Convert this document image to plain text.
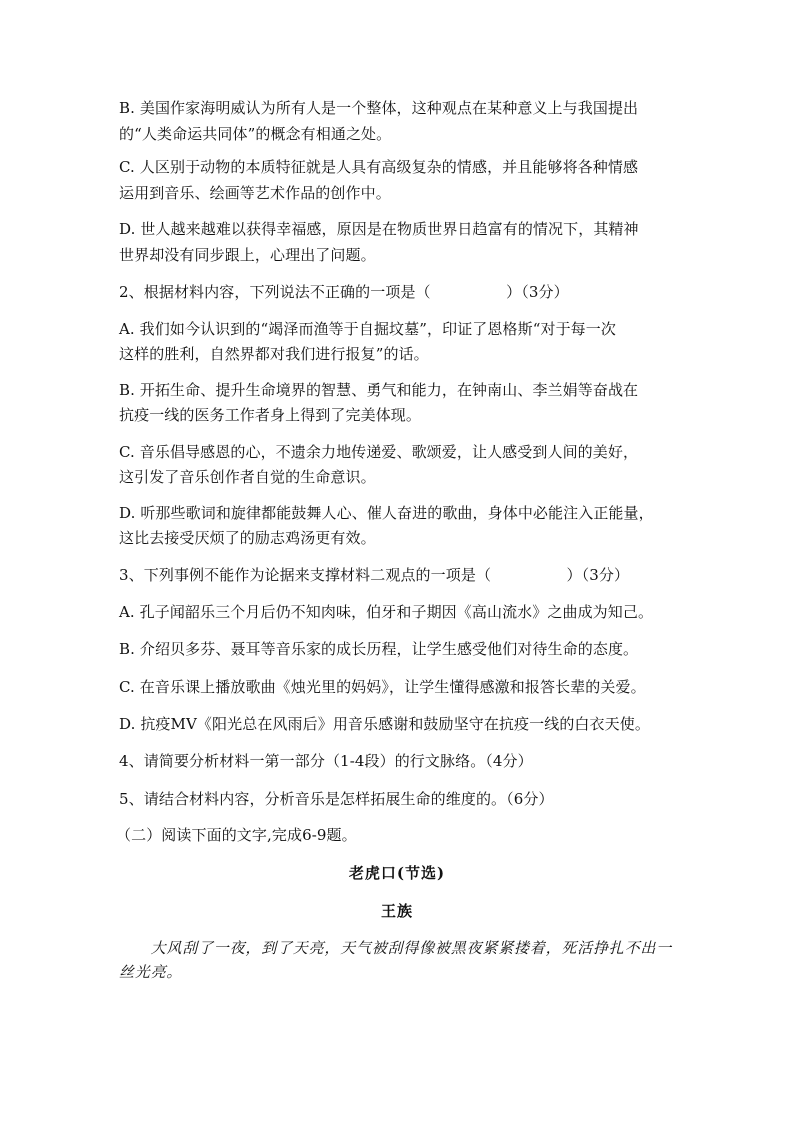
B. 美国作家海明威认为所有人是一个整体，这种观点在某种意义上与我国提出
的“人类命运共同体”的概念有相通之处。
C. 人区别于动物的本质特征就是人具有高级复杂的情感，并且能够将各种情感
运用到音乐、绘画等艺术作品的创作中。
D. 世人越来越难以获得幸福感，原因是在物质世界日趋富有的情况下，其精神
世界却没有同步跟上，心理出了问题。
2、根据材料内容，下列说法不正确的一项是（　　　　　）（3分）
A. 我们如今认识到的“竭泽而渔等于自掘坟墓”，印证了恩格斯“对于每一次
这样的胜利，自然界都对我们进行报复”的话。
B. 开拓生命、提升生命境界的智慧、勇气和能力，在钟南山、李兰娟等奋战在
抗疫一线的医务工作者身上得到了完美体现。
C. 音乐倡导感恩的心，不遗余力地传递爱、歌颂爱，让人感受到人间的美好，
这引发了音乐创作者自觉的生命意识。
D. 听那些歌词和旋律都能鼓舞人心、催人奋进的歌曲，身体中必能注入正能量，
这比去接受厌烦了的励志鸡汤更有效。
3、下列事例不能作为论据来支撑材料二观点的一项是（　　　　　）（3分）
A. 孔子闻韶乐三个月后仍不知肉味，伯牙和子期因《高山流水》之曲成为知己。
B. 介绍贝多芬、聂耳等音乐家的成长历程，让学生感受他们对待生命的态度。
C. 在音乐课上播放歌曲《烛光里的妈妈》，让学生懂得感激和报答长辈的关爱。
D. 抗疫MV《阳光总在风雨后》用音乐感谢和鼓励坚守在抗疫一线的白衣天使。
4、请简要分析材料一第一部分（1-4段）的行文脉络。（4分）
5、请结合材料内容，分析音乐是怎样拓展生命的维度的。（6分）
（二）阅读下面的文字,完成6-9题。
老虎口(节选)
王族
　　大风刮了一夜，到了天亮，天气被刮得像被黑夜紧紧搂着，死活挣扎不出一
丝光亮。
